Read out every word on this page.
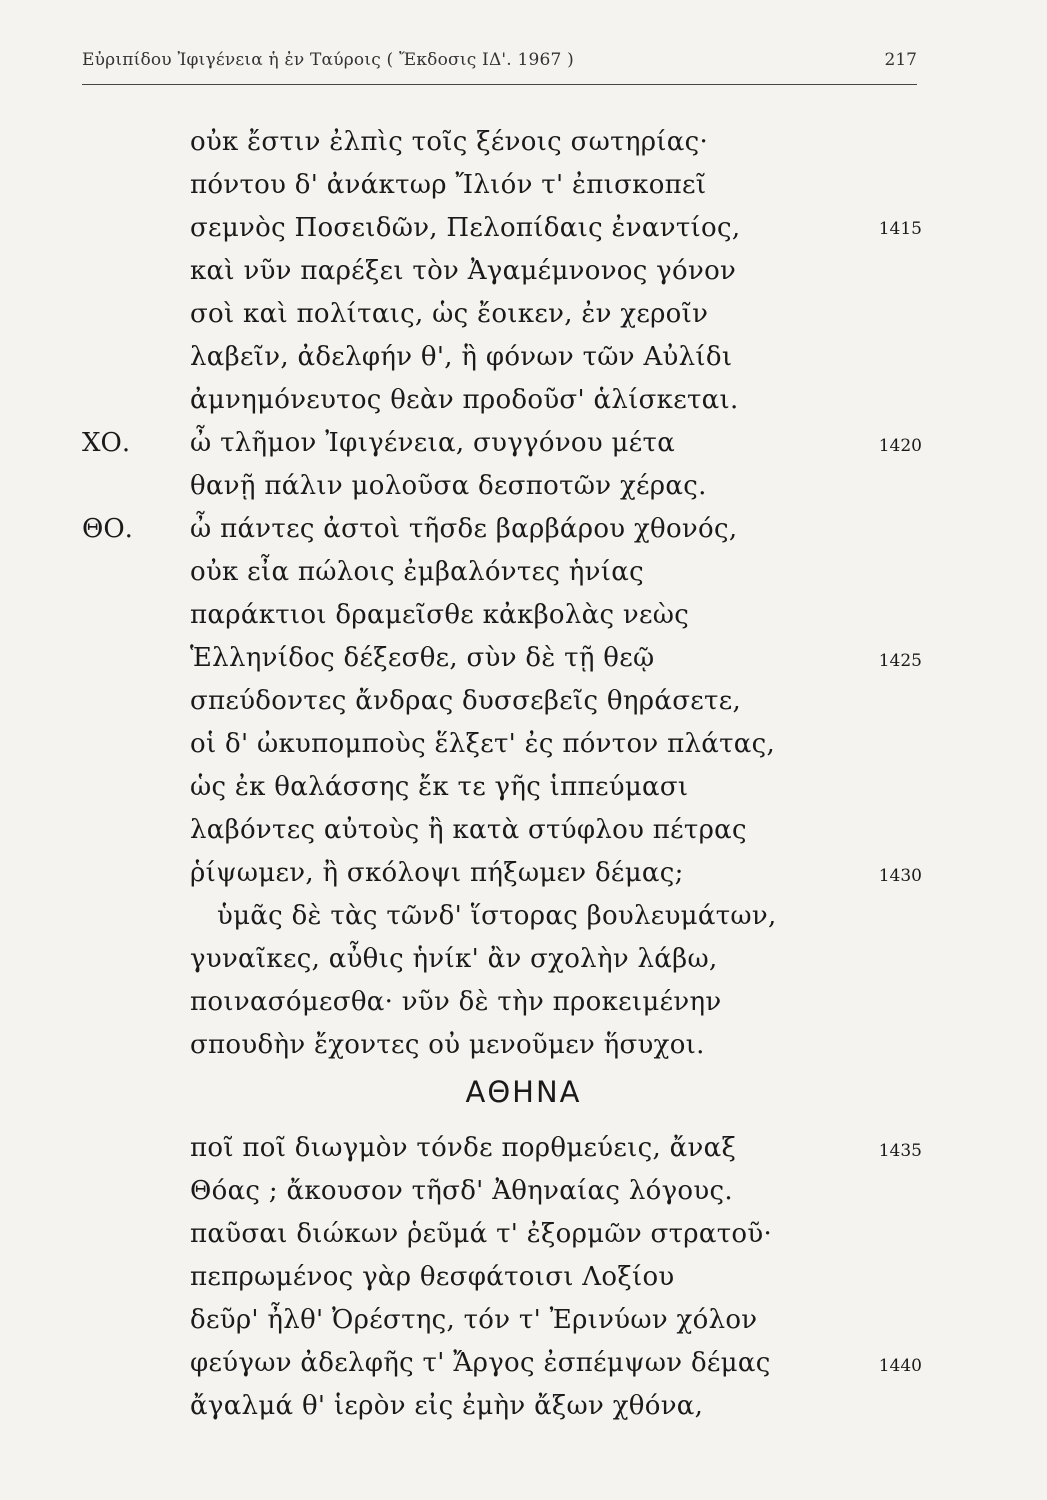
Εὐριπίδου Ἰφιγένεια ἡ ἐν Ταύροις ( Ἔκδοσις ΙΔ'. 1967 )	217
οὐκ ἔστιν ἐλπὶς τοῖς ξένοις σωτηρίας·
πόντου δ' ἀνάκτωρ Ἴλιόν τ' ἐπισκοπεῖ
σεμνὸς Ποσειδῶν, Πελοπίδαις ἐναντίος,	1415
καὶ νῦν παρέξει τὸν Ἀγαμέμνονος γόνον
σοὶ καὶ πολίταις, ὡς ἔοικεν, ἐν χεροῖν
λαβεῖν, ἀδελφήν θ', ἣ φόνων τῶν Αὐλίδι
ἀμνημόνευτος θεὰν προδοῦσ' ἁλίσκεται.
ΧΟ. ὦ τλῆμον Ἰφιγένεια, συγγόνου μέτα	1420
θανῇ πάλιν μολοῦσα δεσποτῶν χέρας.
ΘΟ. ὦ πάντες ἀστοὶ τῆσδε βαρβάρου χθονός,
οὐκ εἶα πώλοις ἐμβαλόντες ἡνίας
παράκτιοι δραμεῖσθε κἀκβολὰς νεὼς
Ἑλληνίδος δέξεσθε, σὺν δὲ τῇ θεῷ	1425
σπεύδοντες ἄνδρας δυσσεβεῖς θηράσετε,
οἱ δ' ὠκυπομποὺς ἕλξετ' ἐς πόντον πλάτας,
ὡς ἐκ θαλάσσης ἔκ τε γῆς ἱππεύμασι
λαβόντες αὐτοὺς ἢ κατὰ στύφλου πέτρας
ῥίψωμεν, ἢ σκόλοψι πήξωμεν δέμας;	1430
ὑμᾶς δὲ τὰς τῶνδ' ἵστορας βουλευμάτων,
γυναῖκες, αὖθις ἡνίκ' ἂν σχολὴν λάβω,
ποινασόμεσθα· νῦν δὲ τὴν προκειμένην
σπουδὴν ἔχοντες οὐ μενοῦμεν ἥσυχοι.
ΑΘΗΝΑ
ποῖ ποῖ διωγμὸν τόνδε πορθμεύεις, ἄναξ	1435
Θόας ; ἄκουσον τῆσδ' Ἀθηναίας λόγους.
παῦσαι διώκων ῥεῦμά τ' ἐξορμῶν στρατοῦ·
πεπρωμένος γὰρ θεσφάτοισι Λοξίου
δεῦρ' ἦλθ' Ὀρέστης, τόν τ' Ἐρινύων χόλον
φεύγων ἀδελφῆς τ' Ἄργος ἐσπέμψων δέμας	1440
ἄγαλμά θ' ἱερὸν εἰς ἐμὴν ἄξων χθόνα,
